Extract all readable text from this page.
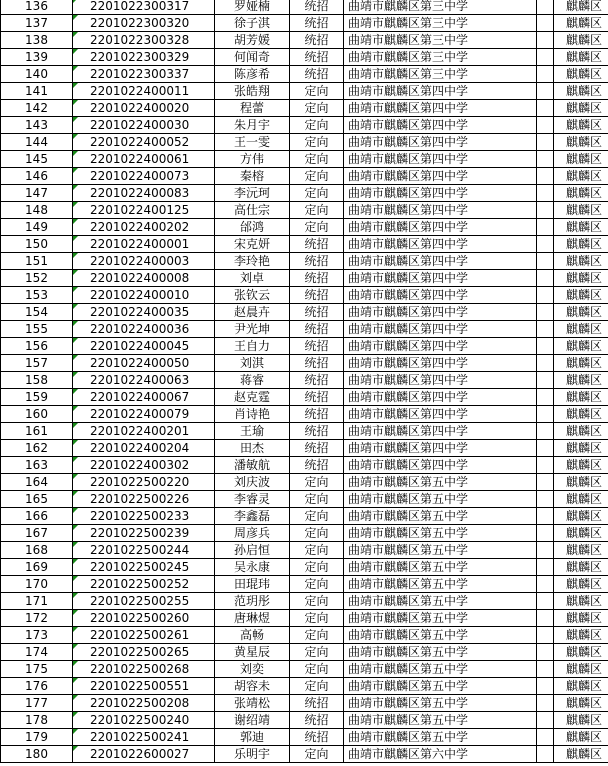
136	2201022300317	罗娅楠	统招	曲靖市麒麟区第三中学		麒麟区
137	2201022300320	徐子淇	统招	曲靖市麒麟区第三中学		麒麟区
138	2201022300328	胡芳媛	统招	曲靖市麒麟区第三中学		麒麟区
139	2201022300329	何闻奇	统招	曲靖市麒麟区第三中学		麒麟区
140	2201022300337	陈彦希	统招	曲靖市麒麟区第三中学		麒麟区
141	2201022400011	张皓翔	定向	曲靖市麒麟区第四中学		麒麟区
142	2201022400020	程蕾	定向	曲靖市麒麟区第四中学		麒麟区
143	2201022400030	朱月宇	定向	曲靖市麒麟区第四中学		麒麟区
144	2201022400052	王一雯	定向	曲靖市麒麟区第四中学		麒麟区
145	2201022400061	方伟	定向	曲靖市麒麟区第四中学		麒麟区
146	2201022400073	秦榕	定向	曲靖市麒麟区第四中学		麒麟区
147	2201022400083	李沅珂	定向	曲靖市麒麟区第四中学		麒麟区
148	2201022400125	高仕宗	定向	曲靖市麒麟区第四中学		麒麟区
149	2201022400202	邰鸿	定向	曲靖市麒麟区第四中学		麒麟区
150	2201022400001	宋克妍	统招	曲靖市麒麟区第四中学		麒麟区
151	2201022400003	李玲艳	统招	曲靖市麒麟区第四中学		麒麟区
152	2201022400008	刘卓	统招	曲靖市麒麟区第四中学		麒麟区
153	2201022400010	张钦云	统招	曲靖市麒麟区第四中学		麒麟区
154	2201022400035	赵晨卉	统招	曲靖市麒麟区第四中学		麒麟区
155	2201022400036	尹光坤	统招	曲靖市麒麟区第四中学		麒麟区
156	2201022400045	王自力	统招	曲靖市麒麟区第四中学		麒麟区
157	2201022400050	刘淇	统招	曲靖市麒麟区第四中学		麒麟区
158	2201022400063	蒋睿	统招	曲靖市麒麟区第四中学		麒麟区
159	2201022400067	赵克霆	统招	曲靖市麒麟区第四中学		麒麟区
160	2201022400079	肖诗艳	统招	曲靖市麒麟区第四中学		麒麟区
161	2201022400201	王瑜	统招	曲靖市麒麟区第四中学		麒麟区
162	2201022400204	田杰	统招	曲靖市麒麟区第四中学		麒麟区
163	2201022400302	潘敏航	统招	曲靖市麒麟区第四中学		麒麟区
164	2201022500220	刘庆波	定向	曲靖市麒麟区第五中学		麒麟区
165	2201022500226	李睿灵	定向	曲靖市麒麟区第五中学		麒麟区
166	2201022500233	李鑫磊	定向	曲靖市麒麟区第五中学		麒麟区
167	2201022500239	周彦兵	定向	曲靖市麒麟区第五中学		麒麟区
168	2201022500244	孙启恒	定向	曲靖市麒麟区第五中学		麒麟区
169	2201022500245	吴永康	定向	曲靖市麒麟区第五中学		麒麟区
170	2201022500252	田琨玮	定向	曲靖市麒麟区第五中学		麒麟区
171	2201022500255	范玥彤	定向	曲靖市麒麟区第五中学		麒麟区
172	2201022500260	唐琳煜	定向	曲靖市麒麟区第五中学		麒麟区
173	2201022500261	高畅	定向	曲靖市麒麟区第五中学		麒麟区
174	2201022500265	黄星辰	定向	曲靖市麒麟区第五中学		麒麟区
175	2201022500268	刘奕	定向	曲靖市麒麟区第五中学		麒麟区
176	2201022500551	胡容未	定向	曲靖市麒麟区第五中学		麒麟区
177	2201022500208	张靖松	统招	曲靖市麒麟区第五中学		麒麟区
178	2201022500240	谢绍靖	统招	曲靖市麒麟区第五中学		麒麟区
179	2201022500241	郭迪	统招	曲靖市麒麟区第五中学		麒麟区
180	2201022600027	乐明宇	定向	曲靖市麒麟区第六中学		麒麟区
